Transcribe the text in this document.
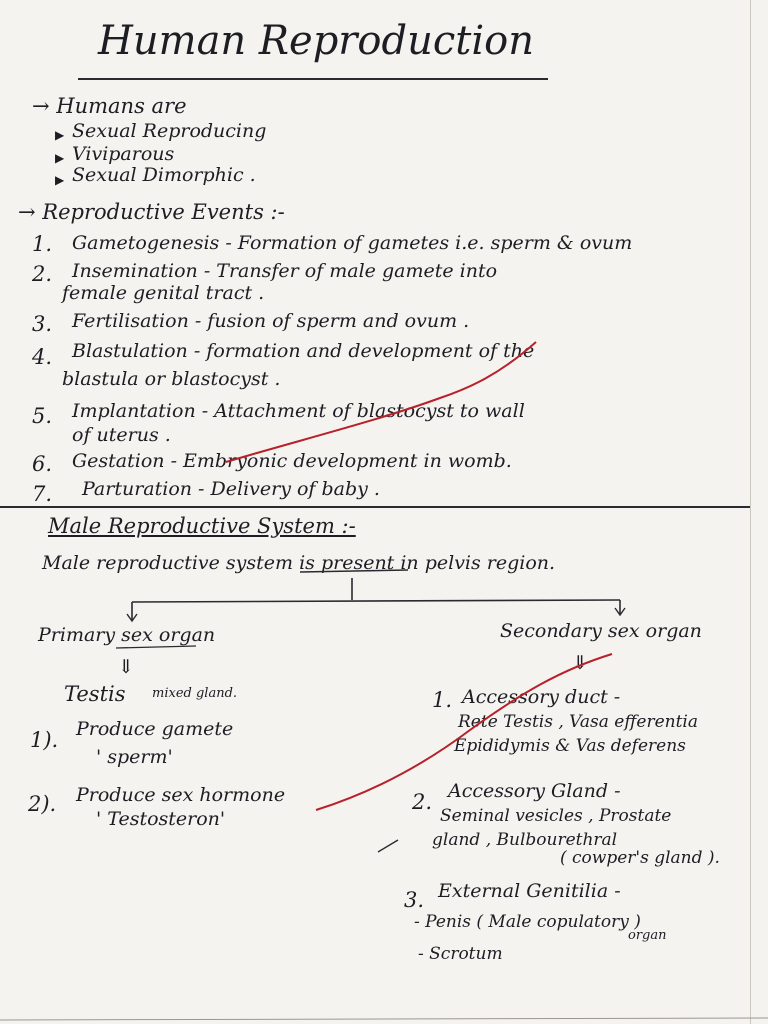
Human Reproduction
→ Humans are
▶ Sexual Reproducing
▶ Viviparous
▶ Sexual Dimorphic .
→ Reproductive Events :-
1. Gametogenesis - Formation of gametes i.e. sperm & ovum
2. Insemination - Transfer of male gamete into
female genital tract .
3. Fertilisation - fusion of sperm and ovum .
4. Blastulation - formation and development of the
blastula or blastocyst .
5. Implantation - Attachment of blastocyst to wall
of uterus .
6. Gestation - Embryonic development in womb.
7. Parturation - Delivery of baby .
Male Reproductive System :-
Male reproductive system is present in pelvis region.
Primary sex organ
⇓
Testis mixed gland.
1). Produce gamete
' sperm'
2). Produce sex hormone
' Testosteron'
Secondary sex organ
⇓
1. Accessory duct -
Rete Testis , Vasa efferentia
Epididymis & Vas deferens
2. Accessory Gland -
Seminal vesicles , Prostate
gland , Bulbourethral
( cowper's gland ).
3. External Genitilia -
- Penis ( Male copulatory )
organ
- Scrotum
